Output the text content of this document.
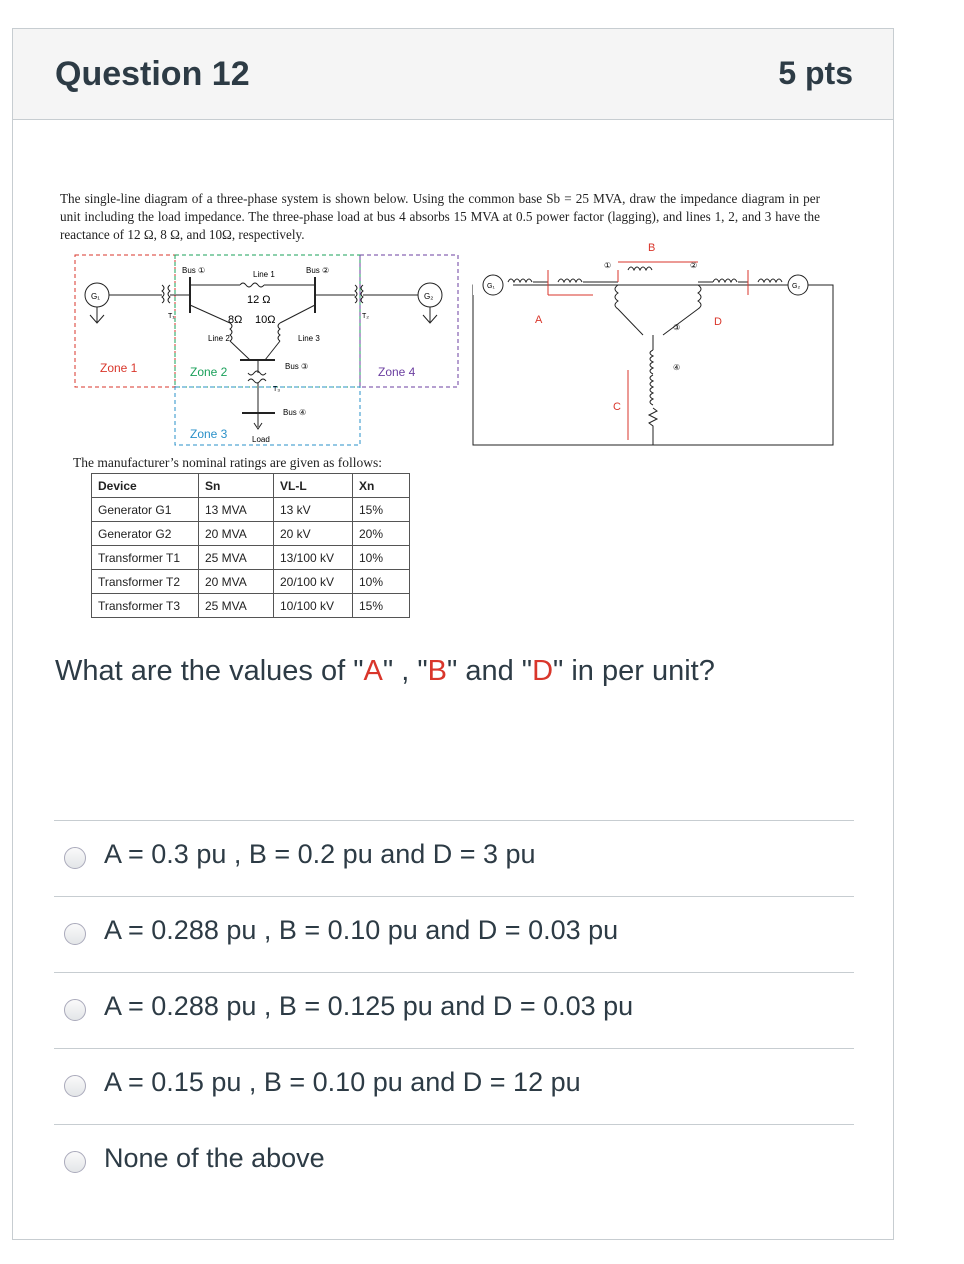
Question 12	5 pts
The single-line diagram of a three-phase system is shown below. Using the common base Sb = 25 MVA, draw the impedance diagram in per unit including the load impedance. The three-phase load at bus 4 absorbs 15 MVA at 0.5 power factor (lagging), and lines 1, 2, and 3 have the reactance of 12 Ω, 8 Ω, and 10Ω, respectively.
G₁
T₁
Bus ①	Line 1
12 Ω
Bus ②
T₂
G₂
Line 2	Line 3
8Ω 10Ω
Bus ③
T₃
Bus ④
Load
Zone 1	Zone 2	Zone 4
Zone 3
G₁
A
①
B
②
D
G₂
③
④
C
The manufacturer’s nominal ratings are given as follows:
Device	Sn	VL-L	Xn
Generator G1	13 MVA	13 kV	15%
Generator G2	20 MVA	20 kV	20%
Transformer T1	25 MVA	13/100 kV	10%
Transformer T2	20 MVA	20/100 kV	10%
Transformer T3	25 MVA	10/100 kV	15%
What are the values of "A" , "B" and "D" in per unit?
A = 0.3 pu , B = 0.2 pu and D = 3 pu
A = 0.288 pu , B = 0.10 pu and D = 0.03 pu
A = 0.288 pu , B = 0.125 pu and D = 0.03 pu
A = 0.15 pu , B = 0.10 pu and D = 12 pu
None of the above
